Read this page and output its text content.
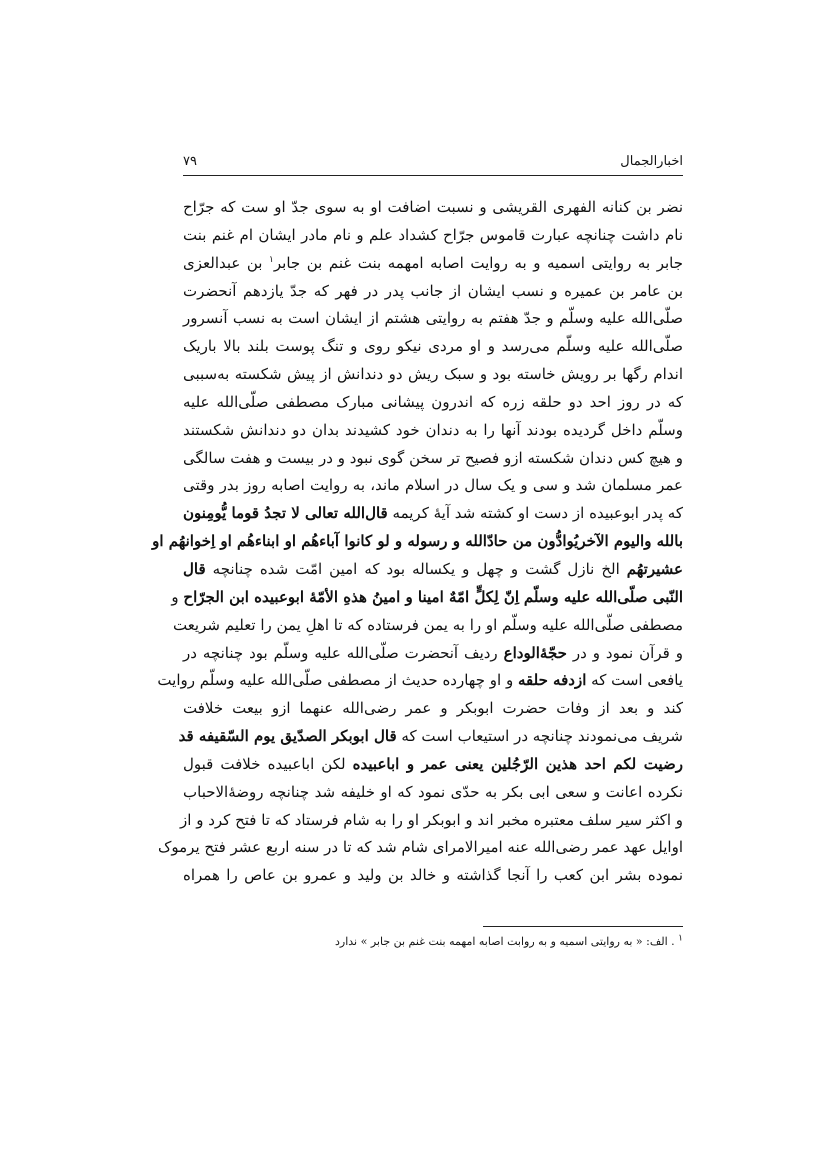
اخبارالجمال
۷۹
نضر بن کنانه الفهری القریشی و نسبت اضافت او به سوی جدّ او ست که جرّاح
نام داشت چنانچه عبارت قاموس جرّاح کشداد علم و نام مادر ایشان ام غنم بنت
جابر به روایتی اسمیه و به روایت اصابه امهمه بنت غنم بن جابر$^۱$ بن عبدالعزی
بن عامر بن عمیره و نسب ایشان از جانب پدر در فهر که جدّ یازدهم آنحضرت
صلّی‌الله علیه وسلّم و جدّ هفتم به روایتی هشتم از ایشان است به نسب آنسرور
صلّی‌الله علیه وسلّم می‌رسد و او مردی نیکو روی و تنگ پوست بلند بالا باریک
اندام رگها بر رویش خاسته بود و سبک ریش دو دندانش از پیش شکسته به‌سببی
که در روز احد دو حلقه زره که اندرون پیشانی مبارک مصطفی صلّی‌الله علیه
وسلّم داخل گردیده بودند آنها را به دندان خود کشیدند بدان دو دندانش شکستند
و هیچ کس دندان شکسته ازو فصیح تر سخن گوی نبود و در بیست و هفت سالگی
عمر مسلمان شد و سی و یک سال در اسلام ماند، به روایت اصابه روز بدر وقتی
که پدر ابوعبیده از دست او کشته شد آیهٔ کریمه قال‌الله تعالی لا تجدُ قوما یُّومِنون
بالله والیوم الآخریُوادُّون من حادّالله و رسوله و لو کانوا آباءهُم او ابناءهُم او اِخوانهُم او
عشیرتهُم الخ نازل گشت و چهل و یکساله بود که امین امّت شده چنانچه قال
النّبی صلّی‌الله علیه وسلّم اِنّ لِکلٍّ امّهٌ امینا و امینُ هذهِ الأمّهٔ ابوعبیده ابن الجرّاح و
مصطفی صلّی‌الله علیه وسلّم او را به یمن فرستاده که تا اهلِ یمن را تعلیم شریعت
و قرآن نمود و در حجّهٔ‌الوداع ردیف آنحضرت صلّی‌الله علیه وسلّم بود چنانچه در
یافعی است که ازدفه حلقه و او چهارده حدیث از مصطفی صلّی‌الله علیه وسلّم روایت
کند و بعد از وفات حضرت ابوبکر و عمر رضی‌الله عنهما ازو بیعت خلافت
شریف می‌نمودند چنانچه در استیعاب است که قال ابوبکر الصدّیق یوم السّقیفه قد
رضیت لکم احد هذین الرّجُلین یعنی عمر و اباعبیده لکن اباعبیده خلافت قبول
نکرده اعانت و سعی ابی بکر به حدّی نمود که او خلیفه شد چنانچه روضهٔ‌الاحباب
و اکثر سیر سلف معتبره مخبر اند و ابوبکر او را به شام فرستاد که تا فتح کرد و از
اوایل عهد عمر رضی‌الله عنه امیرالامرای شام شد که تا در سنه اربع عشر فتح یرموک
نموده بشر ابن کعب را آنجا گذاشته و خالد بن ولید و عمرو بن عاص را همراه
$^۱$ . الف: « به روایتی اسمیه و به روابت اصابه امهمه بنت غنم بن جابر » ندارد
